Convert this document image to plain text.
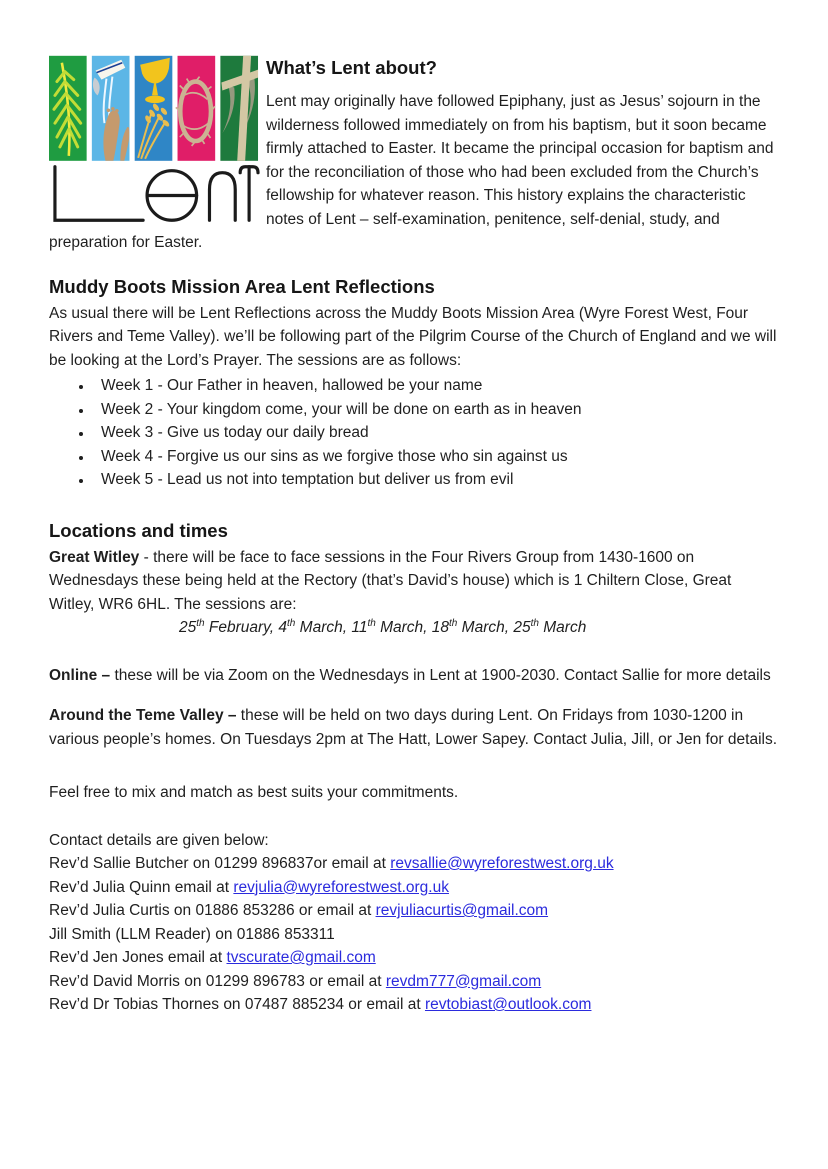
What’s Lent about?

Lent may originally have followed Epiphany, just as Jesus’ sojourn in the wilderness followed immediately on from his baptism, but it soon became firmly attached to Easter. It became the principal occasion for baptism and for the reconciliation of those who had been excluded from the Church’s fellowship for whatever reason. This history explains the characteristic notes of Lent – self-examination, penitence, self-denial, study, and preparation for Easter.

Muddy Boots Mission Area Lent Reflections

As usual there will be Lent Reflections across the Muddy Boots Mission Area (Wyre Forest West, Four Rivers and Teme Valley). we’ll be following part of the Pilgrim Course of the Church of England and we will be looking at the Lord’s Prayer. The sessions are as follows:

• Week 1 - Our Father in heaven, hallowed be your name
• Week 2 - Your kingdom come, your will be done on earth as in heaven
• Week 3 - Give us today our daily bread
• Week 4 - Forgive us our sins as we forgive those who sin against us
• Week 5 - Lead us not into temptation but deliver us from evil
Locations and times

Great Witley - there will be face to face sessions in the Four Rivers Group from 1430-1600 on Wednesdays these being held at the Rectory (that’s David’s house) which is 1 Chiltern Close, Great Witley, WR6 6HL. The sessions are:

25th February, 4th March, 11th March, 18th March, 25th March

Online – these will be via Zoom on the Wednesdays in Lent at 1900-2030. Contact Sallie for more details

Around the Teme Valley – these will be held on two days during Lent. On Fridays from 1030-1200 in various people’s homes. On Tuesdays 2pm at The Hatt, Lower Sapey. Contact Julia, Jill, or Jen for details.

Feel free to mix and match as best suits your commitments.

Contact details are given below:
Rev’d Sallie Butcher on 01299 896837or email at revsallie@wyreforestwest.org.uk
Rev’d Julia Quinn email at revjulia@wyreforestwest.org.uk
Rev’d Julia Curtis on 01886 853286 or email at revjuliacurtis@gmail.com
Jill Smith (LLM Reader) on 01886 853311
Rev’d Jen Jones email at tvscurate@gmail.com
Rev’d David Morris on 01299 896783 or email at revdm777@gmail.com
Rev’d Dr Tobias Thornes on 07487 885234 or email at revtobiast@outlook.com
